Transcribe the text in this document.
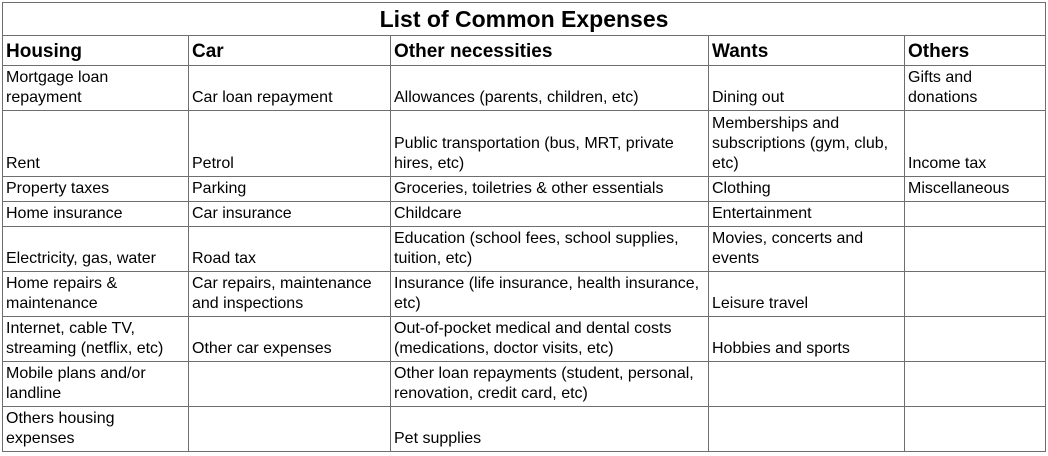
List of Common Expenses				
Housing	Car	Other necessities	Wants	Others
Mortgage loan repayment	Car loan repayment	Allowances (parents, children, etc)	Dining out	Gifts and donations
Rent	Petrol	Public transportation (bus, MRT, private hires, etc)	Memberships and subscriptions (gym, club, etc)	Income tax
Property taxes	Parking	Groceries, toiletries & other essentials	Clothing	Miscellaneous
Home insurance	Car insurance	Childcare	Entertainment	
Electricity, gas, water	Road tax	Education (school fees, school supplies, tuition, etc)	Movies, concerts and events	
Home repairs & maintenance	Car repairs, maintenance and inspections	Insurance (life insurance, health insurance, etc)	Leisure travel	
Internet, cable TV, streaming (netflix, etc)	Other car expenses	Out-of-pocket medical and dental costs (medications, doctor visits, etc)	Hobbies and sports	
Mobile plans and/or landline		Other loan repayments (student, personal, renovation, credit card, etc)		
Others housing expenses		Pet supplies		
